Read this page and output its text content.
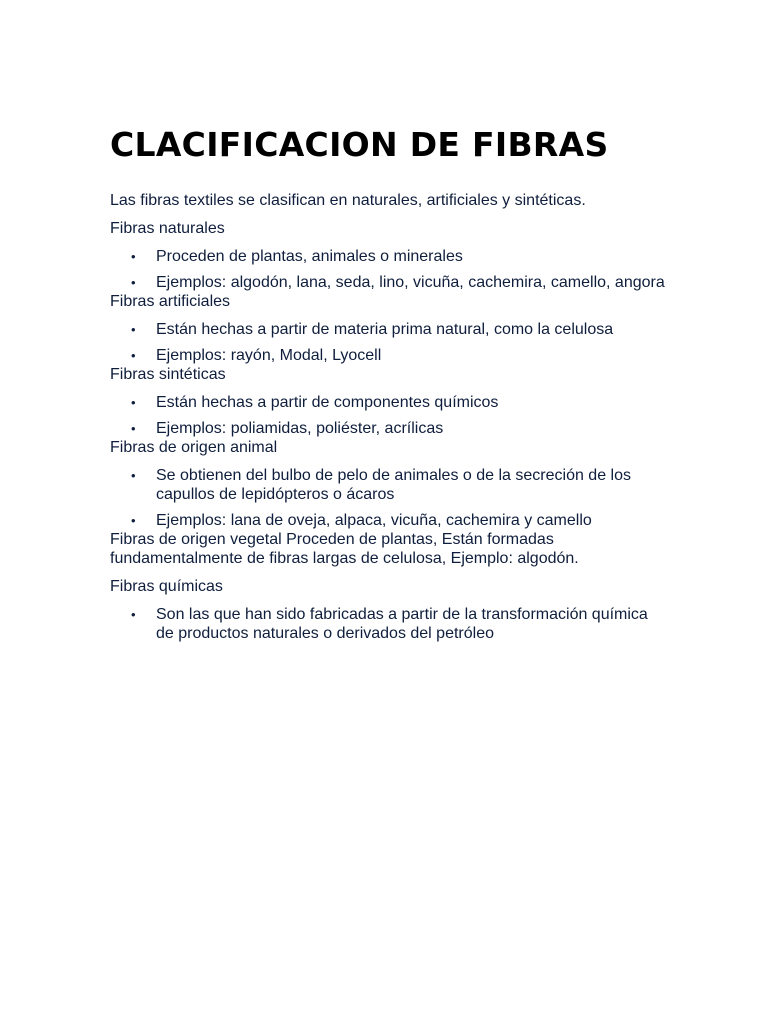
CLACIFICACION DE FIBRAS

Las fibras textiles se clasifican en naturales, artificiales y sintéticas.

Fibras naturales

• Proceden de plantas, animales o minerales
• Ejemplos: algodón, lana, seda, lino, vicuña, cachemira, camello, angora

Fibras artificiales

• Están hechas a partir de materia prima natural, como la celulosa
• Ejemplos: rayón, Modal, Lyocell

Fibras sintéticas

• Están hechas a partir de componentes químicos
• Ejemplos: poliamidas, poliéster, acrílicas

Fibras de origen animal

• Se obtienen del bulbo de pelo de animales o de la secreción de los capullos de lepidópteros o ácaros
• Ejemplos: lana de oveja, alpaca, vicuña, cachemira y camello

Fibras de origen vegetal Proceden de plantas, Están formadas fundamentalmente de fibras largas de celulosa, Ejemplo: algodón.

Fibras químicas

• Son las que han sido fabricadas a partir de la transformación química de productos naturales o derivados del petróleo
